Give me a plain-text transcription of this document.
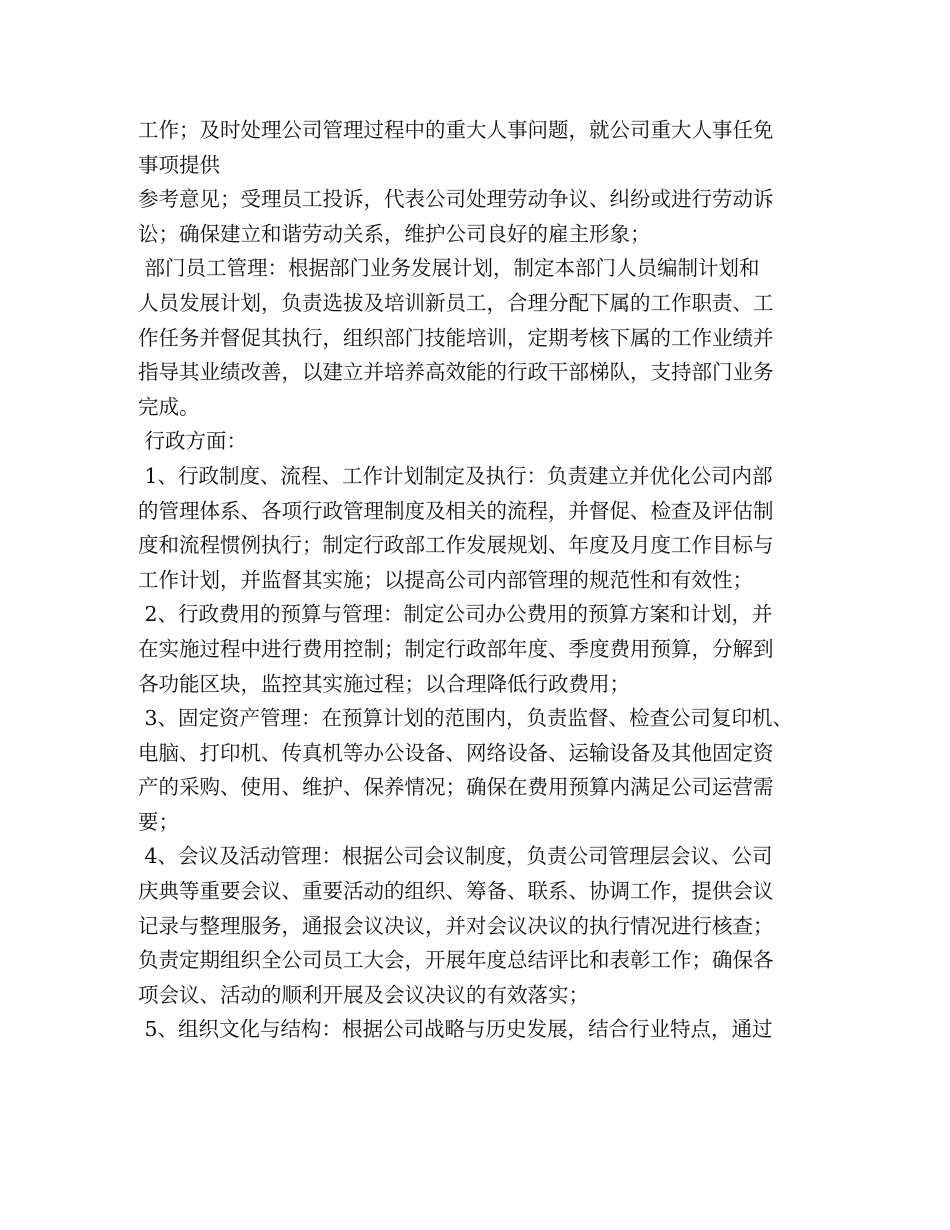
工作；及时处理公司管理过程中的重大人事问题，就公司重大人事任免
事项提供
参考意见；受理员工投诉，代表公司处理劳动争议、纠纷或进行劳动诉
讼；确保建立和谐劳动关系，维护公司良好的雇主形象；
部门员工管理：根据部门业务发展计划，制定本部门人员编制计划和
人员发展计划，负责选拔及培训新员工，合理分配下属的工作职责、工
作任务并督促其执行，组织部门技能培训，定期考核下属的工作业绩并
指导其业绩改善，以建立并培养高效能的行政干部梯队，支持部门业务
完成。
行政方面：
1、行政制度、流程、工作计划制定及执行：负责建立并优化公司内部
的管理体系、各项行政管理制度及相关的流程，并督促、检查及评估制
度和流程惯例执行；制定行政部工作发展规划、年度及月度工作目标与
工作计划，并监督其实施；以提高公司内部管理的规范性和有效性；
2、行政费用的预算与管理：制定公司办公费用的预算方案和计划，并
在实施过程中进行费用控制；制定行政部年度、季度费用预算，分解到
各功能区块，监控其实施过程；以合理降低行政费用；
3、固定资产管理：在预算计划的范围内，负责监督、检查公司复印机、
电脑、打印机、传真机等办公设备、网络设备、运输设备及其他固定资
产的采购、使用、维护、保养情况；确保在费用预算内满足公司运营需
要；
4、会议及活动管理：根据公司会议制度，负责公司管理层会议、公司
庆典等重要会议、重要活动的组织、筹备、联系、协调工作，提供会议
记录与整理服务，通报会议决议，并对会议决议的执行情况进行核查；
负责定期组织全公司员工大会，开展年度总结评比和表彰工作；确保各
项会议、活动的顺利开展及会议决议的有效落实；
5、组织文化与结构：根据公司战略与历史发展，结合行业特点，通过
